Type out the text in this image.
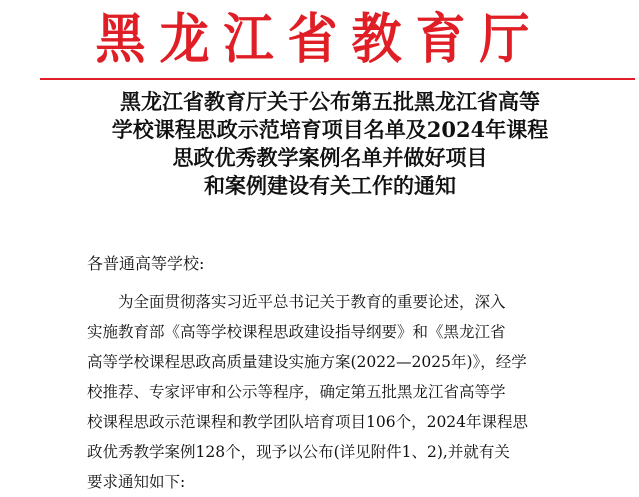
黑龙江省教育厅
黑龙江省教育厅关于公布第五批黑龙江省高等
学校课程思政示范培育项目名单及2024年课程
思政优秀教学案例名单并做好项目
和案例建设有关工作的通知

各普通高等学校:

为全面贯彻落实习近平总书记关于教育的重要论述，深入
实施教育部《高等学校课程思政建设指导纲要》和《黑龙江省
高等学校课程思政高质量建设实施方案(2022—2025年)》，经学
校推荐、专家评审和公示等程序，确定第五批黑龙江省高等学
校课程思政示范课程和教学团队培育项目106个，2024年课程思
政优秀教学案例128个，现予以公布(详见附件1、2),并就有关
要求通知如下:
